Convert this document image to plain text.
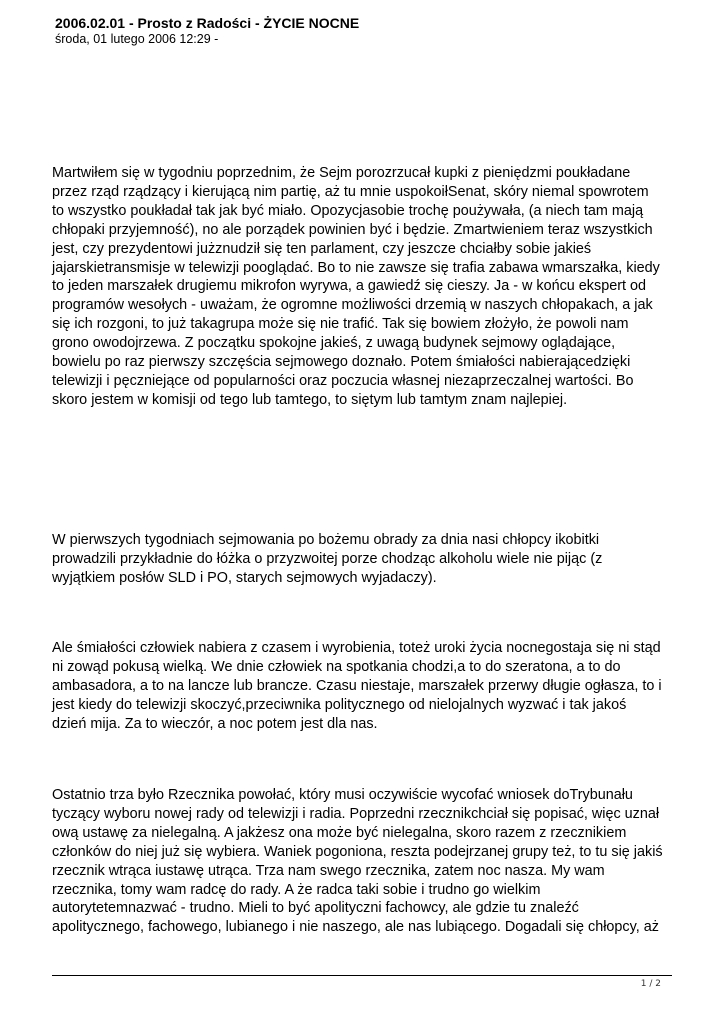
2006.02.01 - Prosto z Radości - ŻYCIE NOCNE

środa, 01 lutego 2006 12:29 -

Martwiłem się w tygodniu poprzednim, że Sejm porozrzucał kupki z pieniędzmi poukładane
przez rząd rządzący i kierującą nim partię, aż tu mnie uspokoiłSenat, skóry niemal spowrotem
to wszystko poukładał tak jak być miało. Opozycjasobie trochę poużywała, (a niech tam mają
chłopaki przyjemność), no ale porządek powinien być i będzie. Zmartwieniem teraz wszystkich
jest, czy prezydentowi jużznudził się ten parlament, czy jeszcze chciałby sobie jakieś
jajarskietransmisje w telewizji pooglądać. Bo to nie zawsze się trafia zabawa wmarszałka, kiedy
to jeden marszałek drugiemu mikrofon wyrywa, a gawiedź się cieszy. Ja - w końcu ekspert od
programów wesołych - uważam, że ogromne możliwości drzemią w naszych chłopakach, a jak
się ich rozgoni, to już takagrupa może się nie trafić. Tak się bowiem złożyło, że powoli nam
grono owodojrzewa. Z początku spokojne jakieś, z uwagą budynek sejmowy oglądające,
bowielu po raz pierwszy szczęścia sejmowego doznało. Potem śmiałości nabierającedzięki
telewizji i pęczniejące od popularności oraz poczucia własnej niezaprzeczalnej wartości. Bo
skoro jestem w komisji od tego lub tamtego, to siętym lub tamtym znam najlepiej.
W pierwszych tygodniach sejmowania po bożemu obrady za dnia nasi chłopcy ikobitki
prowadzili przykładnie do łóżka o przyzwoitej porze chodząc alkoholu wiele nie pijąc (z
wyjątkiem posłów SLD i PO, starych sejmowych wyjadaczy).
Ale śmiałości człowiek nabiera z czasem i wyrobienia, toteż uroki życia nocnegostaja się ni stąd
ni zowąd pokusą wielką. We dnie człowiek na spotkania chodzi,a to do szeratona, a to do
ambasadora, a to na lancze lub brancze. Czasu niestaje, marszałek przerwy długie ogłasza, to i
jest kiedy do telewizji skoczyć,przeciwnika politycznego od nielojalnych wyzwać i tak jakoś
dzień mija. Za to wieczór, a noc potem jest dla nas.
Ostatnio trza było Rzecznika powołać, który musi oczywiście wycofać wniosek doTrybunału
tyczący wyboru nowej rady od telewizji i radia. Poprzedni rzecznikchciał się popisać, więc uznał
ową ustawę za nielegalną. A jakżesz ona może być nielegalna, skoro razem z rzecznikiem
członków do niej już się wybiera. Waniek pogoniona, reszta podejrzanej grupy też, to tu się jakiś
rzecznik wtrąca iustawę utrąca. Trza nam swego rzecznika, zatem noc nasza. My wam
rzecznika, tomy wam radcę do rady. A że radca taki sobie i trudno go wielkim
autorytetemnazwać - trudno. Mieli to być apolityczni fachowcy, ale gdzie tu znaleźć
apolitycznego, fachowego, lubianego i nie naszego, ale nas lubiącego. Dogadali się chłopcy, aż
1 / 2
